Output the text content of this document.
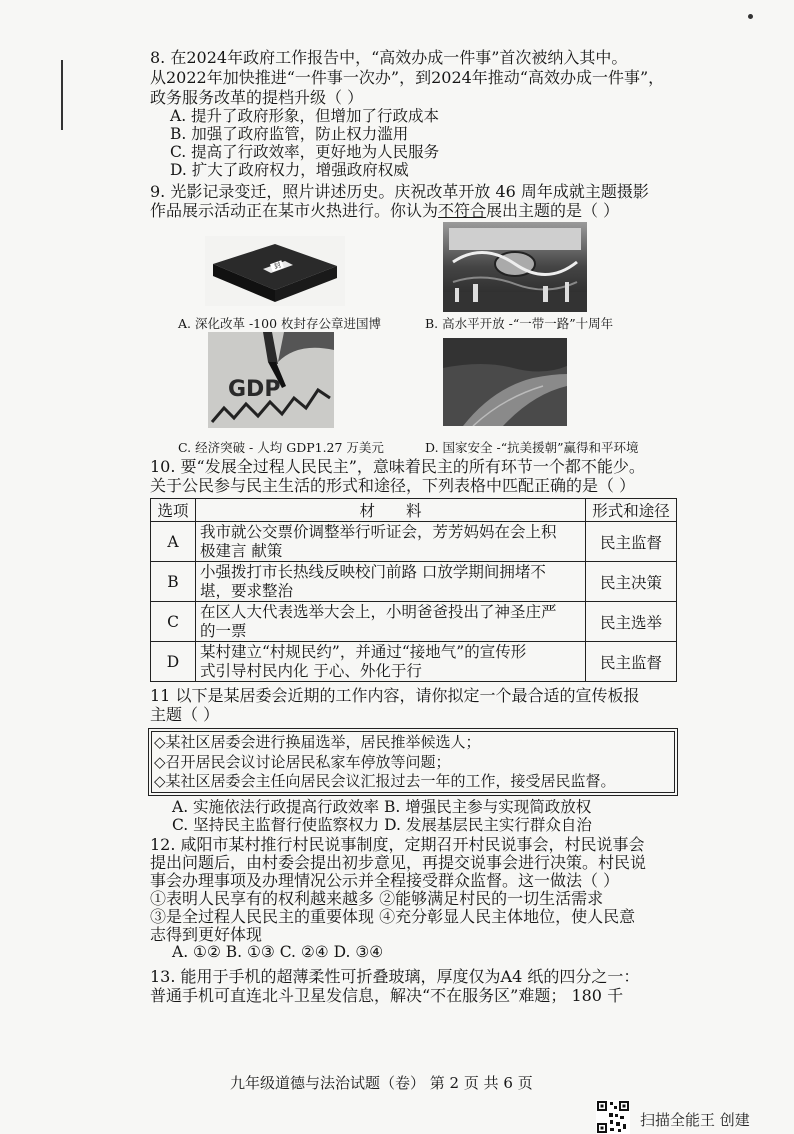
8. 在2024年政府工作报告中，“高效办成一件事”首次被纳入其中。
从2022年加快推进“一件事一次办”，到2024年推动“高效办成一件事”，
政务服务改革的提档升级（ ）
A. 提升了政府形象，但增加了行政成本
B. 加强了政府监管，防止权力滥用
C. 提高了行政效率，更好地为人民服务
D. 扩大了政府权力，增强政府权威
9. 光影记录变迁，照片讲述历史。庆祝改革开放 46 周年成就主题摄影
作品展示活动正在某市火热进行。你认为不符合展出主题的是（ ）
封
A. 深化改革 -100 枚封存公章进国博	B. 高水平开放 -“一带一路”十周年
GDP
C. 经济突破 - 人均 GDP1.27 万美元	D. 国家安全 -“抗美援朝”赢得和平环境
10. 要“发展全过程人民民主”，意味着民主的所有环节一个都不能少。
关于公民参与民主生活的形式和途径，下列表格中匹配正确的是（ ）
选项	材　　料	形式和途径
A	我市就公交票价调整举行听证会，芳芳妈妈在会上积
极建言 献策	民主监督
B	小强拨打市长热线反映校门前路 口放学期间拥堵不
堪，要求整治	民主决策
C	在区人大代表选举大会上，小明爸爸投出了神圣庄严
的一票	民主选举
D	某村建立“村规民约”，并通过“接地气”的宣传形
式引导村民内化 于心、外化于行	民主监督
11 以下是某居委会近期的工作内容，请你拟定一个最合适的宣传板报
主题（ ）
◇某社区居委会进行换届选举，居民推举候选人；
◇召开居民会议讨论居民私家车停放等问题；
◇某社区居委会主任向居民会议汇报过去一年的工作，接受居民监督。
A. 实施依法行政提高行政效率 B. 增强民主参与实现简政放权
C. 坚持民主监督行使监察权力 D. 发展基层民主实行群众自治
12. 咸阳市某村推行村民说事制度，定期召开村民说事会，村民说事会
提出问题后，由村委会提出初步意见，再提交说事会进行决策。村民说
事会办理事项及办理情况公示并全程接受群众监督。这一做法（ ）
①表明人民享有的权利越来越多 ②能够满足村民的一切生活需求
③是全过程人民民主的重要体现 ④充分彰显人民主体地位，使人民意
志得到更好体现
A. ①② B. ①③ C. ②④ D. ③④
13. 能用于手机的超薄柔性可折叠玻璃，厚度仅为A4 纸的四分之一：
普通手机可直连北斗卫星发信息，解决“不在服务区”难题； 180 千
九年级道德与法治试题（卷） 第 2 页 共 6 页
扫描全能王 创建
